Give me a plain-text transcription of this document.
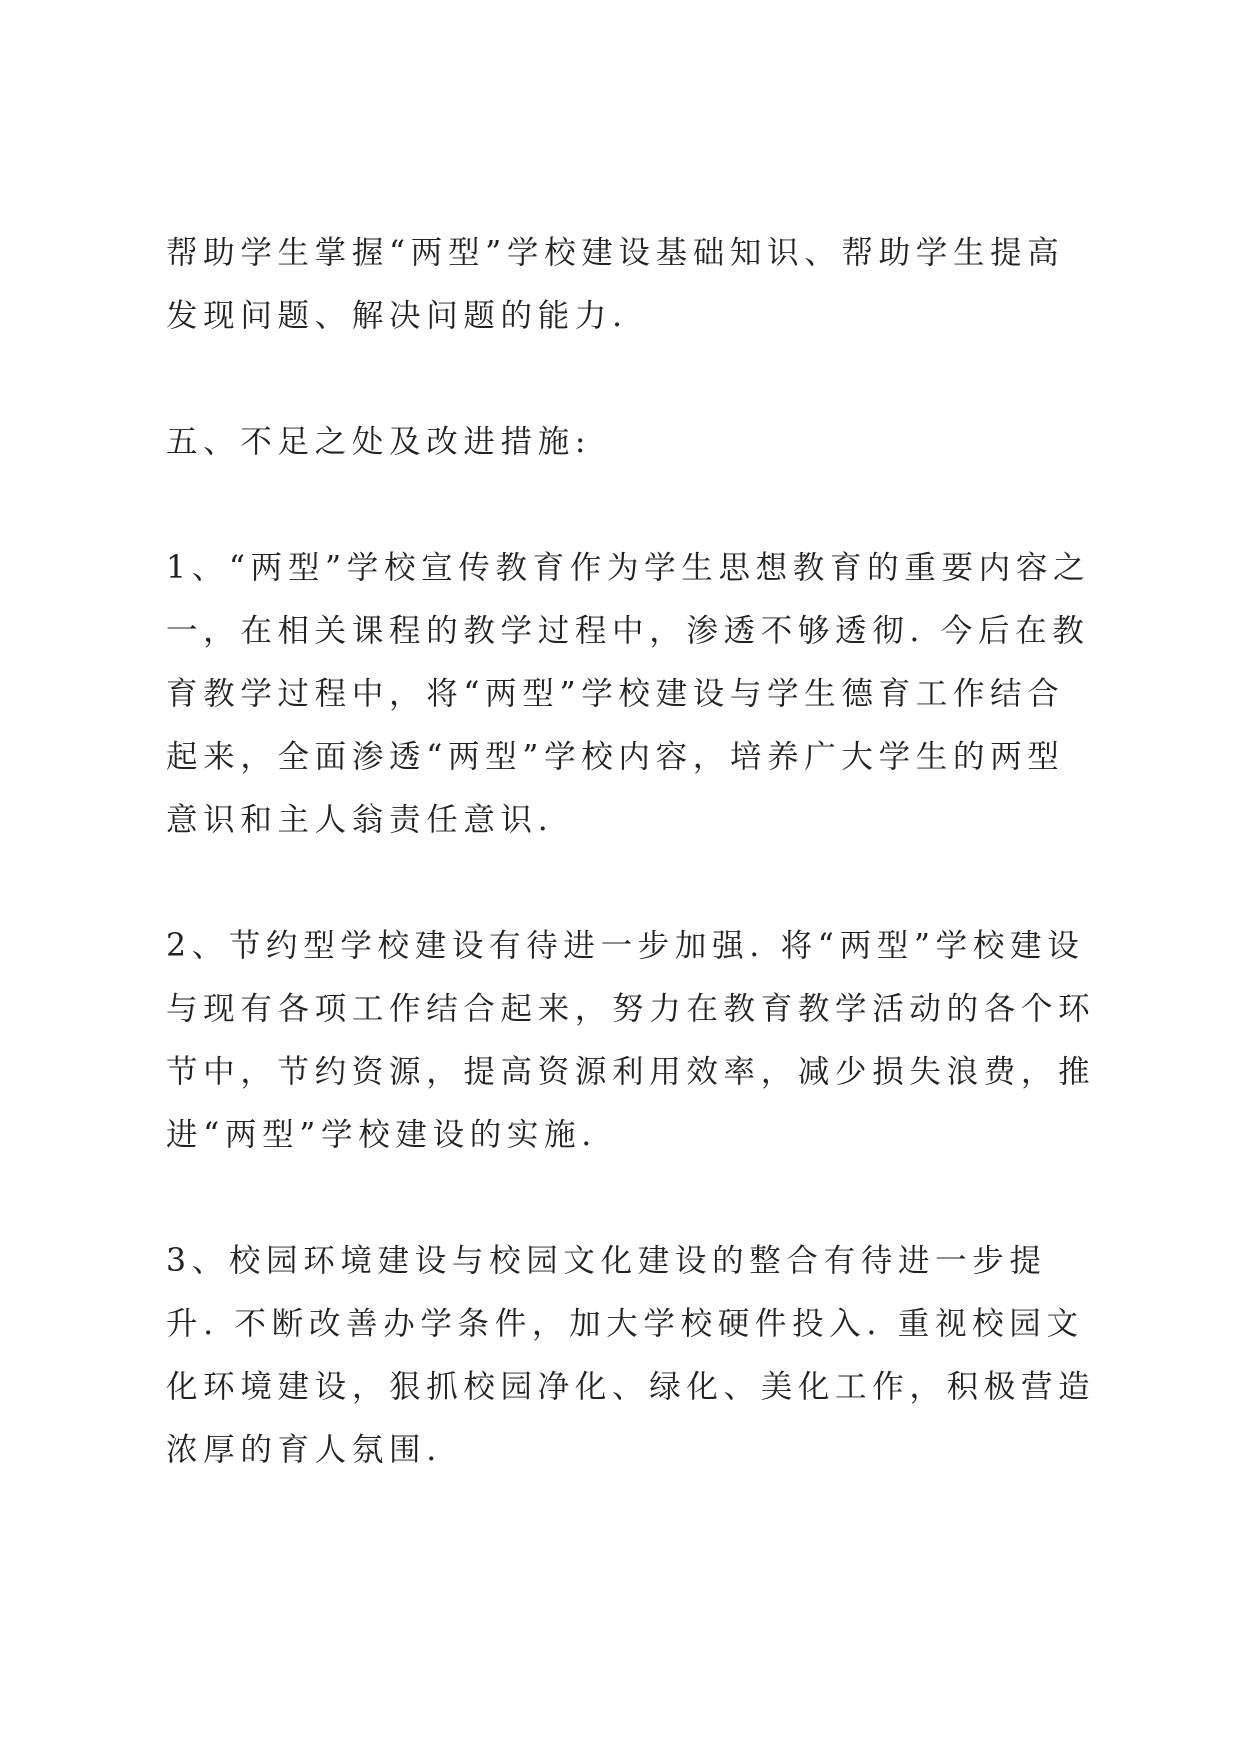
帮助学生掌握“两型”学校建设基础知识、帮助学生提高发现问题、解决问题的能力.

五、不足之处及改进措施:

1、“两型”学校宣传教育作为学生思想教育的重要内容之一，在相关课程的教学过程中，渗透不够透彻. 今后在教育教学过程中，将“两型”学校建设与学生德育工作结合起来，全面渗透“两型”学校内容，培养广大学生的两型意识和主人翁责任意识.

2、节约型学校建设有待进一步加强. 将“两型”学校建设与现有各项工作结合起来，努力在教育教学活动的各个环节中，节约资源，提高资源利用效率，减少损失浪费，推进“两型”学校建设的实施.

3、校园环境建设与校园文化建设的整合有待进一步提升. 不断改善办学条件，加大学校硬件投入. 重视校园文化环境建设，狠抓校园净化、绿化、美化工作，积极营造浓厚的育人氛围.
